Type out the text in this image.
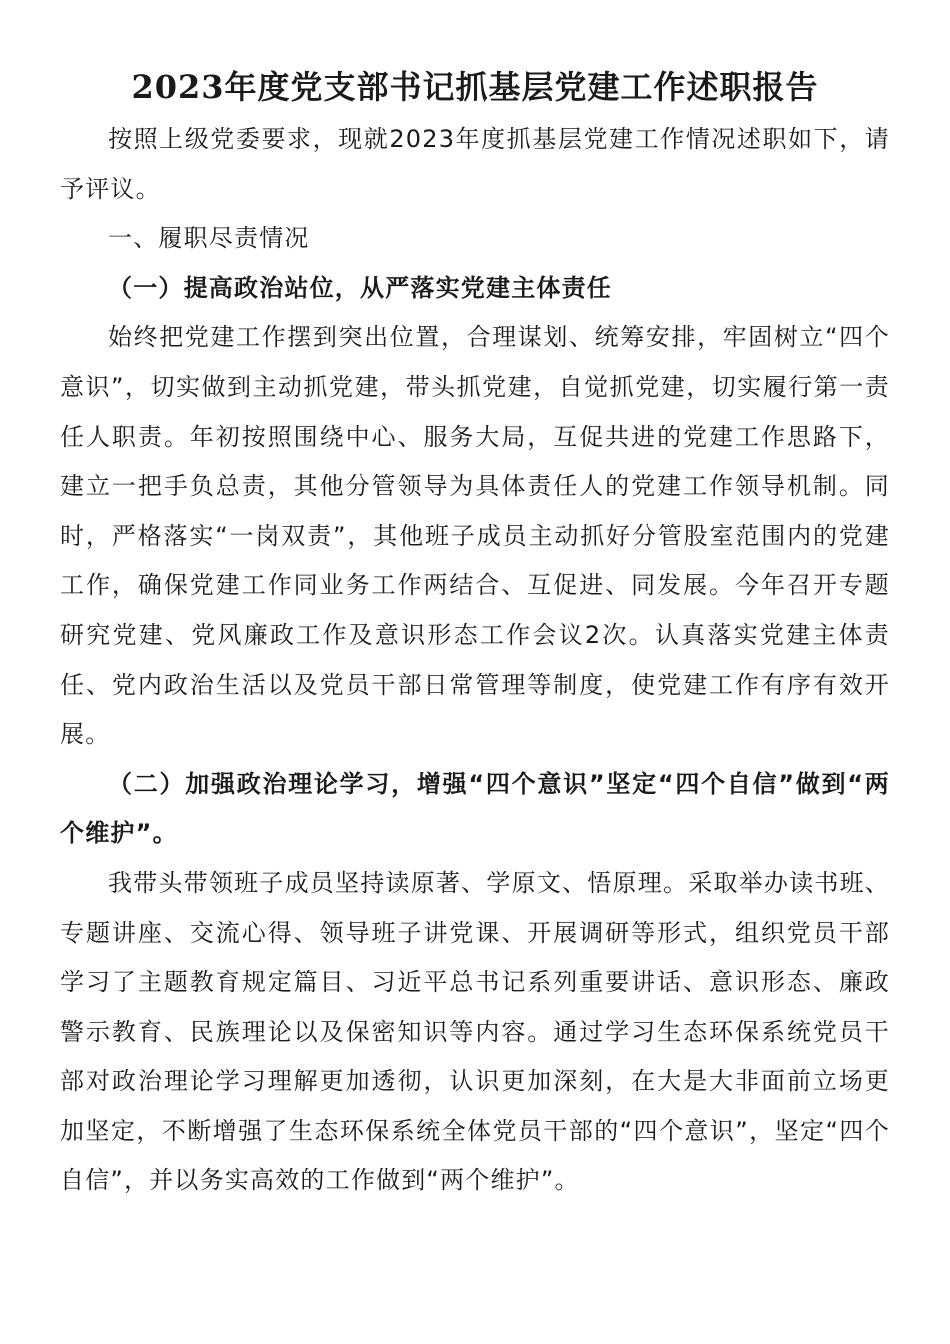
2023年度党支部书记抓基层党建工作述职报告

按照上级党委要求，现就2023年度抓基层党建工作情况述职如下，请予评议。

一、履职尽责情况

（一）提高政治站位，从严落实党建主体责任

始终把党建工作摆到突出位置，合理谋划、统筹安排，牢固树立“四个意识”，切实做到主动抓党建，带头抓党建，自觉抓党建，切实履行第一责任人职责。年初按照围绕中心、服务大局，互促共进的党建工作思路下，建立一把手负总责，其他分管领导为具体责任人的党建工作领导机制。同时，严格落实“一岗双责”，其他班子成员主动抓好分管股室范围内的党建工作，确保党建工作同业务工作两结合、互促进、同发展。今年召开专题研究党建、党风廉政工作及意识形态工作会议2次。认真落实党建主体责任、党内政治生活以及党员干部日常管理等制度，使党建工作有序有效开展。

（二）加强政治理论学习，增强“四个意识”坚定“四个自信”做到“两个维护”。

我带头带领班子成员坚持读原著、学原文、悟原理。采取举办读书班、专题讲座、交流心得、领导班子讲党课、开展调研等形式，组织党员干部学习了主题教育规定篇目、习近平总书记系列重要讲话、意识形态、廉政警示教育、民族理论以及保密知识等内容。通过学习生态环保系统党员干部对政治理论学习理解更加透彻，认识更加深刻，在大是大非面前立场更加坚定，不断增强了生态环保系统全体党员干部的“四个意识”，坚定“四个自信”，并以务实高效的工作做到“两个维护”。
